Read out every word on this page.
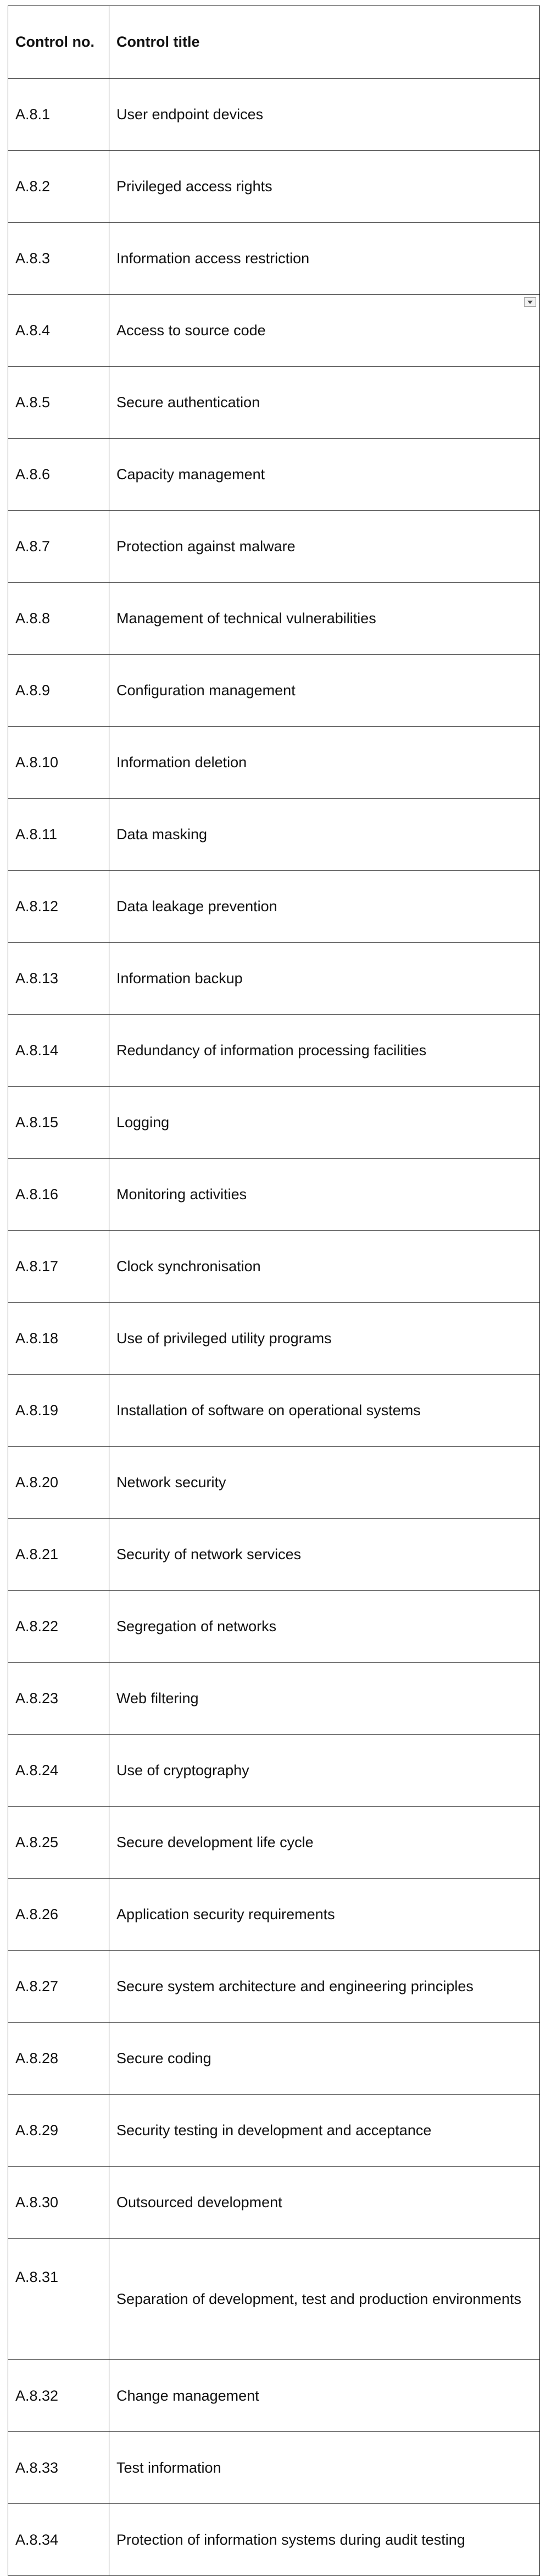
Control no.	Control title
A.8.1	User endpoint devices
A.8.2	Privileged access rights
A.8.3	Information access restriction
A.8.4	Access to source code
A.8.5	Secure authentication
A.8.6	Capacity management
A.8.7	Protection against malware
A.8.8	Management of technical vulnerabilities
A.8.9	Configuration management
A.8.10	Information deletion
A.8.11	Data masking
A.8.12	Data leakage prevention
A.8.13	Information backup
A.8.14	Redundancy of information processing facilities
A.8.15	Logging
A.8.16	Monitoring activities
A.8.17	Clock synchronisation
A.8.18	Use of privileged utility programs
A.8.19	Installation of software on operational systems
A.8.20	Network security
A.8.21	Security of network services
A.8.22	Segregation of networks
A.8.23	Web filtering
A.8.24	Use of cryptography
A.8.25	Secure development life cycle
A.8.26	Application security requirements
A.8.27	Secure system architecture and engineering principles
A.8.28	Secure coding
A.8.29	Security testing in development and acceptance
A.8.30	Outsourced development
A.8.31	Separation of development, test and production environments
A.8.32	Change management
A.8.33	Test information
A.8.34	Protection of information systems during audit testing
